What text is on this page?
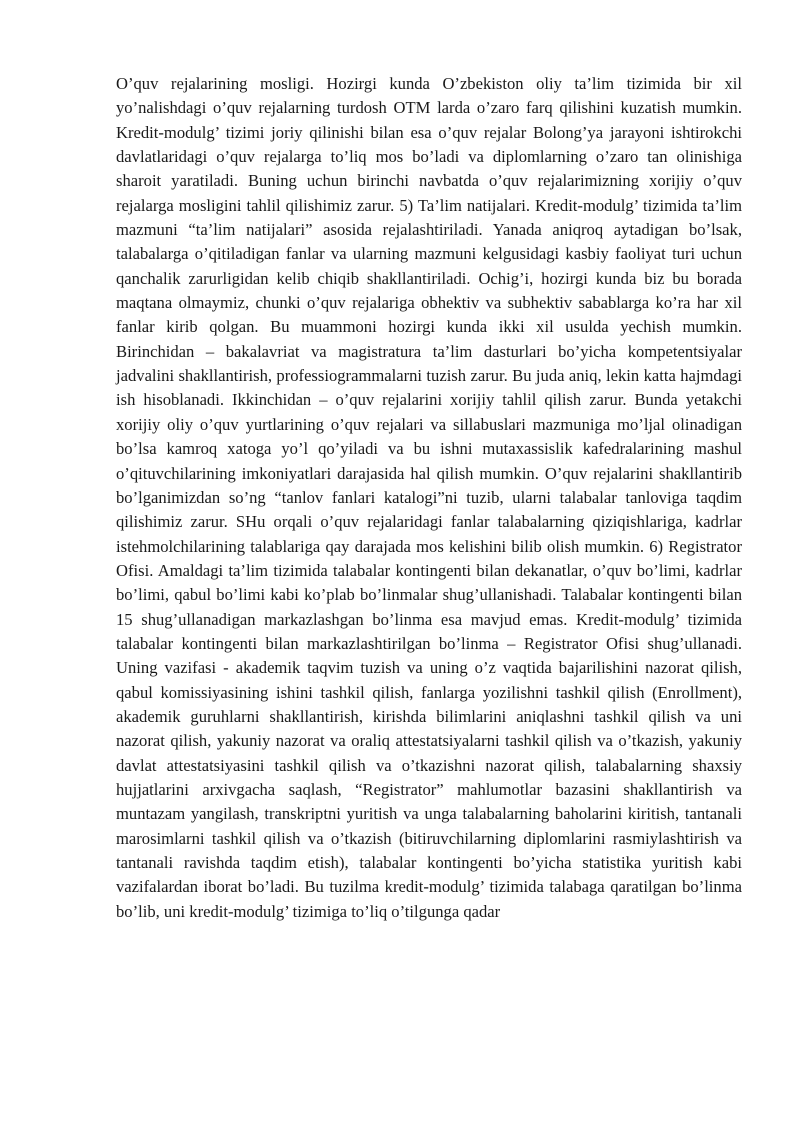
O’quv rejalarining mosligi. Hozirgi kunda O’zbekiston oliy ta’lim tizimida bir xil yo’nalishdagi o’quv rejalarning turdosh OTM larda o’zaro farq qilishini kuzatish mumkin. Kredit-modulg’ tizimi joriy qilinishi bilan esa o’quv rejalar Bolong’ya jarayoni ishtirokchi davlatlaridagi o’quv rejalarga to’liq mos bo’ladi va diplomlarning o’zaro tan olinishiga sharoit yaratiladi. Buning uchun birinchi navbatda o’quv rejalarimizning xorijiy o’quv rejalarga mosligini tahlil qilishimiz zarur. 5) Ta’lim natijalari. Kredit-modulg’ tizimida ta’lim mazmuni “ta’lim natijalari” asosida rejalashtiriladi. Yanada aniqroq aytadigan bo’lsak, talabalarga o’qitiladigan fanlar va ularning mazmuni kelgusidagi kasbiy faoliyat turi uchun qanchalik zarurligidan kelib chiqib shakllantiriladi. Ochig’i, hozirgi kunda biz bu borada maqtana olmaymiz, chunki o’quv rejalariga obhektiv va subhektiv sabablarga ko’ra har xil fanlar kirib qolgan. Bu muammoni hozirgi kunda ikki xil usulda yechish mumkin. Birinchidan – bakalavriat va magistratura ta’lim dasturlari bo’yicha kompetentsiyalar jadvalini shakllantirish, professiogrammalarni tuzish zarur. Bu juda aniq, lekin katta hajmdagi ish hisoblanadi. Ikkinchidan – o’quv rejalarini xorijiy tahlil qilish zarur. Bunda yetakchi xorijiy oliy o’quv yurtlarining o’quv rejalari va sillabuslari mazmuniga mo’ljal olinadigan bo’lsa kamroq xatoga yo’l qo’yiladi va bu ishni mutaxassislik kafedralarining mashul o’qituvchilarining imkoniyatlari darajasida hal qilish mumkin. O’quv rejalarini shakllantirib bo’lganimizdan so’ng “tanlov fanlari katalogi”ni tuzib, ularni talabalar tanloviga taqdim qilishimiz zarur. SHu orqali o’quv rejalaridagi fanlar talabalarning qiziqishlariga, kadrlar istehmolchilarining talablariga qay darajada mos kelishini bilib olish mumkin. 6) Registrator Ofisi. Amaldagi ta’lim tizimida talabalar kontingenti bilan dekanatlar, o’quv bo’limi, kadrlar bo’limi, qabul bo’limi kabi ko’plab bo’linmalar shug’ullanishadi. Talabalar kontingenti bilan 15 shug’ullanadigan markazlashgan bo’linma esa mavjud emas. Kredit-modulg’ tizimida talabalar kontingenti bilan markazlashtirilgan bo’linma – Registrator Ofisi shug’ullanadi. Uning vazifasi - akademik taqvim tuzish va uning o’z vaqtida bajarilishini nazorat qilish, qabul komissiyasining ishini tashkil qilish, fanlarga yozilishni tashkil qilish (Enrollment), akademik guruhlarni shakllantirish, kirishda bilimlarini aniqlashni tashkil qilish va uni nazorat qilish, yakuniy nazorat va oraliq attestatsiyalarni tashkil qilish va o’tkazish, yakuniy davlat attestatsiyasini tashkil qilish va o’tkazishni nazorat qilish, talabalarning shaxsiy hujjatlarini arxivgacha saqlash, “Registrator” mahlumotlar bazasini shakllantirish va muntazam yangilash, transkriptni yuritish va unga talabalarning baholarini kiritish, tantanali marosimlarni tashkil qilish va o’tkazish (bitiruvchilarning diplomlarini rasmiylashtirish va tantanali ravishda taqdim etish), talabalar kontingenti bo’yicha statistika yuritish kabi vazifalardan iborat bo’ladi. Bu tuzilma kredit-modulg’ tizimida talabaga qaratilgan bo’linma bo’lib, uni kredit-modulg’ tizimiga to’liq o’tilgunga qadar
